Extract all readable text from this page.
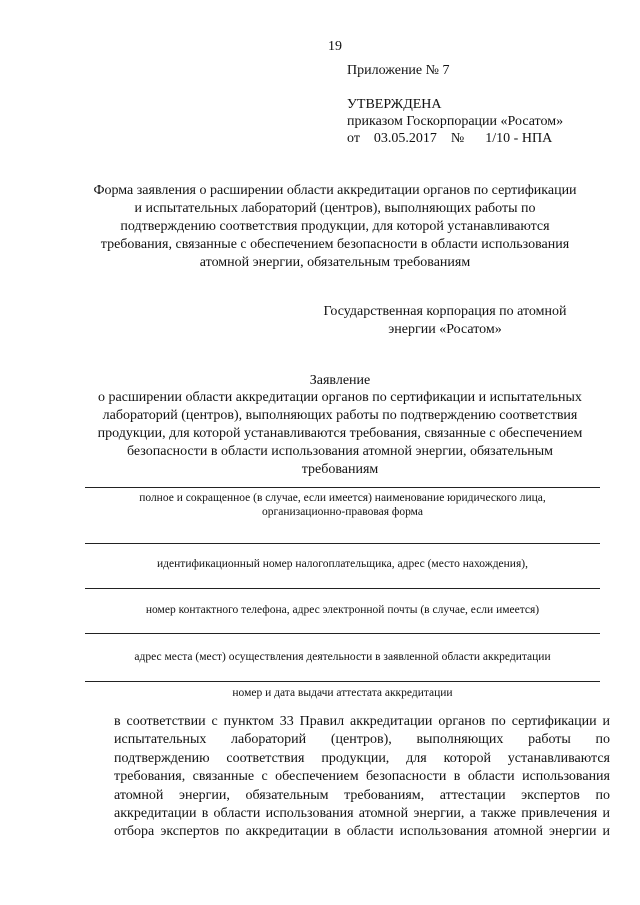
19
Приложение № 7
УТВЕРЖДЕНА
приказом Госкорпорации «Росатом»
от    03.05.2017    №      1/10 - НПА
Форма заявления о расширении области аккредитации органов по сертификации
и испытательных лабораторий (центров), выполняющих работы по
подтверждению соответствия продукции, для которой устанавливаются
требования, связанные с обеспечением безопасности в области использования
атомной энергии, обязательным требованиям
Государственная корпорация по атомной
энергии «Росатом»
Заявление
о расширении области аккредитации органов по сертификации и испытательных
лабораторий (центров), выполняющих работы по подтверждению соответствия
продукции, для которой устанавливаются требования, связанные с обеспечением
безопасности в области использования атомной энергии, обязательным
требованиям
полное и сокращенное (в случае, если имеется) наименование юридического лица,
организационно-правовая форма
идентификационный номер налогоплательщика, адрес (место нахождения),
номер контактного телефона, адрес электронной почты (в случае, если имеется)
адрес места (мест) осуществления деятельности в заявленной области аккредитации
номер и дата выдачи аттестата аккредитации
в соответствии с пунктом 33 Правил аккредитации органов по сертификации и
испытательных лабораторий (центров), выполняющих работы по
подтверждению соответствия продукции, для которой устанавливаются
требования, связанные с обеспечением безопасности в области использования
атомной энергии, обязательным требованиям, аттестации экспертов по
аккредитации в области использования атомной энергии, а также привлечения и
отбора экспертов по аккредитации в области использования атомной энергии и
